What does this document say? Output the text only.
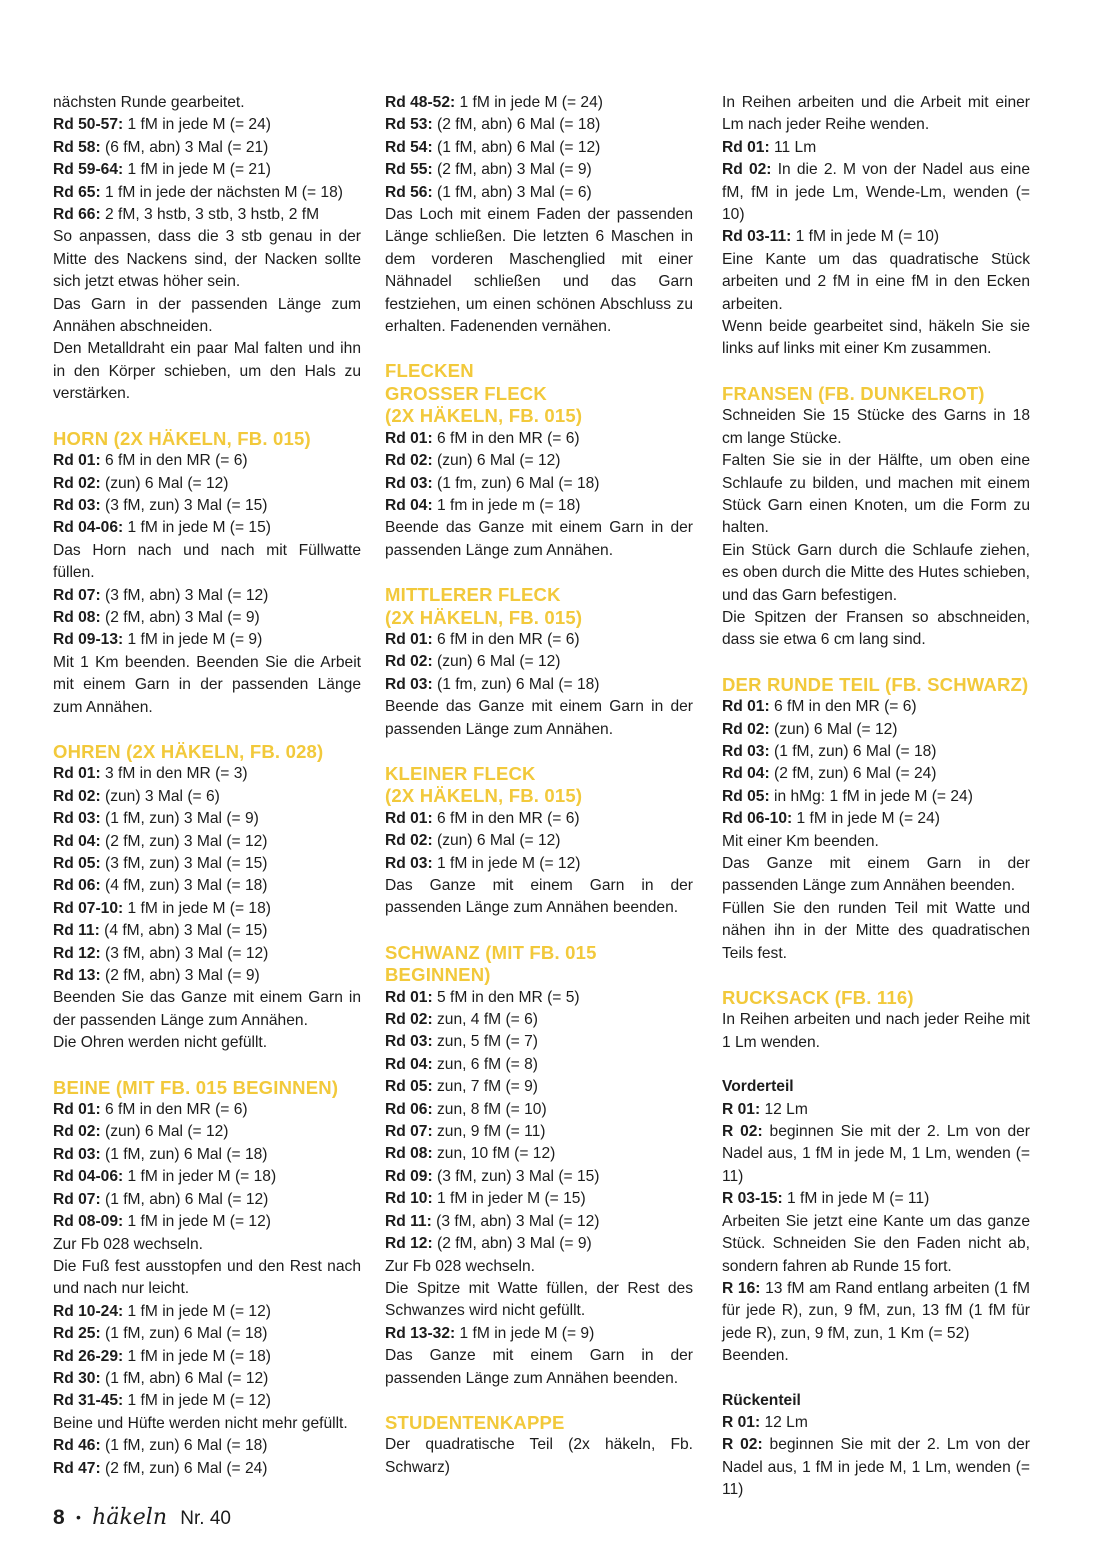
nächsten Runde gearbeitet.

Rd 50-57: 1 fM in jede M (= 24)

Rd 58: (6 fM, abn) 3 Mal (= 21)

Rd 59-64: 1 fM in jede M (= 21)

Rd 65: 1 fM in jede der nächsten M (= 18)

Rd 66: 2 fM, 3 hstb, 3 stb, 3 hstb, 2 fM

So anpassen, dass die 3 stb genau in der Mitte des Nackens sind, der Nacken sollte sich jetzt etwas höher sein.

Das Garn in der passenden Länge zum Annähen abschneiden.

Den Metalldraht ein paar Mal falten und ihn in den Körper schieben, um den Hals zu verstärken.

HORN (2X HÄKELN, FB. 015)

Rd 01: 6 fM in den MR (= 6)

Rd 02: (zun) 6 Mal (= 12)

Rd 03: (3 fM, zun) 3 Mal (= 15)

Rd 04-06: 1 fM in jede M (= 15)

Das Horn nach und nach mit Füllwatte füllen.

Rd 07: (3 fM, abn) 3 Mal (= 12)

Rd 08: (2 fM, abn) 3 Mal (= 9)

Rd 09-13: 1 fM in jede M (= 9)

Mit 1 Km beenden. Beenden Sie die Arbeit mit einem Garn in der passenden Länge zum Annähen.

OHREN (2X HÄKELN, FB. 028)

Rd 01: 3 fM in den MR (= 3)

Rd 02: (zun) 3 Mal (= 6)

Rd 03: (1 fM, zun) 3 Mal (= 9)

Rd 04: (2 fM, zun) 3 Mal (= 12)

Rd 05: (3 fM, zun) 3 Mal (= 15)

Rd 06: (4 fM, zun) 3 Mal (= 18)

Rd 07-10: 1 fM in jede M (= 18)

Rd 11: (4 fM, abn) 3 Mal (= 15)

Rd 12: (3 fM, abn) 3 Mal (= 12)

Rd 13: (2 fM, abn) 3 Mal (= 9)

Beenden Sie das Ganze mit einem Garn in der passenden Länge zum Annähen.

Die Ohren werden nicht gefüllt.

BEINE (MIT FB. 015 BEGINNEN)

Rd 01: 6 fM in den MR (= 6)

Rd 02: (zun) 6 Mal (= 12)

Rd 03: (1 fM, zun) 6 Mal (= 18)

Rd 04-06: 1 fM in jeder M (= 18)

Rd 07: (1 fM, abn) 6 Mal (= 12)

Rd 08-09: 1 fM in jede M (= 12)

Zur Fb 028 wechseln.

Die Fuß fest ausstopfen und den Rest nach und nach nur leicht.

Rd 10-24: 1 fM in jede M (= 12)

Rd 25: (1 fM, zun) 6 Mal (= 18)

Rd 26-29: 1 fM in jede M (= 18)

Rd 30: (1 fM, abn) 6 Mal (= 12)

Rd 31-45: 1 fM in jede M (= 12)

Beine und Hüfte werden nicht mehr gefüllt.

Rd 46: (1 fM, zun) 6 Mal (= 18)

Rd 47: (2 fM, zun) 6 Mal (= 24)

Rd 48-52: 1 fM in jede M (= 24)

Rd 53: (2 fM, abn) 6 Mal (= 18)

Rd 54: (1 fM, abn) 6 Mal (= 12)

Rd 55: (2 fM, abn) 3 Mal (= 9)

Rd 56: (1 fM, abn) 3 Mal (= 6)

Das Loch mit einem Faden der passenden Länge schließen. Die letzten 6 Maschen in dem vorderen Maschenglied mit einer Nähnadel schließen und das Garn festziehen, um einen schönen Abschluss zu erhalten. Fadenenden vernähen.

FLECKEN
GROSSER FLECK
(2X HÄKELN, FB. 015)

Rd 01: 6 fM in den MR (= 6)

Rd 02: (zun) 6 Mal (= 12)

Rd 03: (1 fm, zun) 6 Mal (= 18)

Rd 04: 1 fm in jede m (= 18)

Beende das Ganze mit einem Garn in der passenden Länge zum Annähen.

MITTLERER FLECK
(2X HÄKELN, FB. 015)

Rd 01: 6 fM in den MR (= 6)

Rd 02: (zun) 6 Mal (= 12)

Rd 03: (1 fm, zun) 6 Mal (= 18)

Beende das Ganze mit einem Garn in der passenden Länge zum Annähen.

KLEINER FLECK
(2X HÄKELN, FB. 015)

Rd 01: 6 fM in den MR (= 6)

Rd 02: (zun) 6 Mal (= 12)

Rd 03: 1 fM in jede M (= 12)

Das Ganze mit einem Garn in der passenden Länge zum Annähen beenden.

SCHWANZ (MIT FB. 015
BEGINNEN)

Rd 01: 5 fM in den MR (= 5)

Rd 02: zun, 4 fM (= 6)

Rd 03: zun, 5 fM (= 7)

Rd 04: zun, 6 fM (= 8)

Rd 05: zun, 7 fM (= 9)

Rd 06: zun, 8 fM (= 10)

Rd 07: zun, 9 fM (= 11)

Rd 08: zun, 10 fM (= 12)

Rd 09: (3 fM, zun) 3 Mal (= 15)

Rd 10: 1 fM in jeder M (= 15)

Rd 11: (3 fM, abn) 3 Mal (= 12)

Rd 12: (2 fM, abn) 3 Mal (= 9)

Zur Fb 028 wechseln.

Die Spitze mit Watte füllen, der Rest des Schwanzes wird nicht gefüllt.

Rd 13-32: 1 fM in jede M (= 9)

Das Ganze mit einem Garn in der passenden Länge zum Annähen beenden.

STUDENTENKAPPE

Der quadratische Teil (2x häkeln, Fb. Schwarz)

In Reihen arbeiten und die Arbeit mit einer Lm nach jeder Reihe wenden.

Rd 01: 11 Lm

Rd 02: In die 2. M von der Nadel aus eine fM, fM in jede Lm, Wende-Lm, wenden (= 10)

Rd 03-11: 1 fM in jede M (= 10)

Eine Kante um das quadratische Stück arbeiten und 2 fM in eine fM in den Ecken arbeiten.

Wenn beide gearbeitet sind, häkeln Sie sie links auf links mit einer Km zusammen.

FRANSEN (FB. DUNKELROT)

Schneiden Sie 15 Stücke des Garns in 18 cm lange Stücke.

Falten Sie sie in der Hälfte, um oben eine Schlaufe zu bilden, und machen mit einem Stück Garn einen Knoten, um die Form zu halten.

Ein Stück Garn durch die Schlaufe ziehen, es oben durch die Mitte des Hutes schieben, und das Garn befestigen.

Die Spitzen der Fransen so abschneiden, dass sie etwa 6 cm lang sind.

DER RUNDE TEIL (FB. SCHWARZ)

Rd 01: 6 fM in den MR (= 6)

Rd 02: (zun) 6 Mal (= 12)

Rd 03: (1 fM, zun) 6 Mal (= 18)

Rd 04: (2 fM, zun) 6 Mal (= 24)

Rd 05: in hMg: 1 fM in jede M (= 24)

Rd 06-10: 1 fM in jede M (= 24)

Mit einer Km beenden.

Das Ganze mit einem Garn in der passenden Länge zum Annähen beenden.

Füllen Sie den runden Teil mit Watte und nähen ihn in der Mitte des quadratischen Teils fest.

RUCKSACK (FB. 116)

In Reihen arbeiten und nach jeder Reihe mit 1 Lm wenden.

Vorderteil

R 01: 12 Lm

R 02: beginnen Sie mit der 2. Lm von der Nadel aus, 1 fM in jede M, 1 Lm, wenden (= 11)

R 03-15: 1 fM in jede M (= 11)

Arbeiten Sie jetzt eine Kante um das ganze Stück. Schneiden Sie den Faden nicht ab, sondern fahren ab Runde 15 fort.

R 16: 13 fM am Rand entlang arbeiten (1 fM für jede R), zun, 9 fM, zun, 13 fM (1 fM für jede R), zun, 9 fM, zun, 1 Km (= 52)

Beenden.

Rückenteil

R 01: 12 Lm

R 02: beginnen Sie mit der 2. Lm von der Nadel aus, 1 fM in jede M, 1 Lm, wenden (= 11)

8 • häkeln Nr. 40
